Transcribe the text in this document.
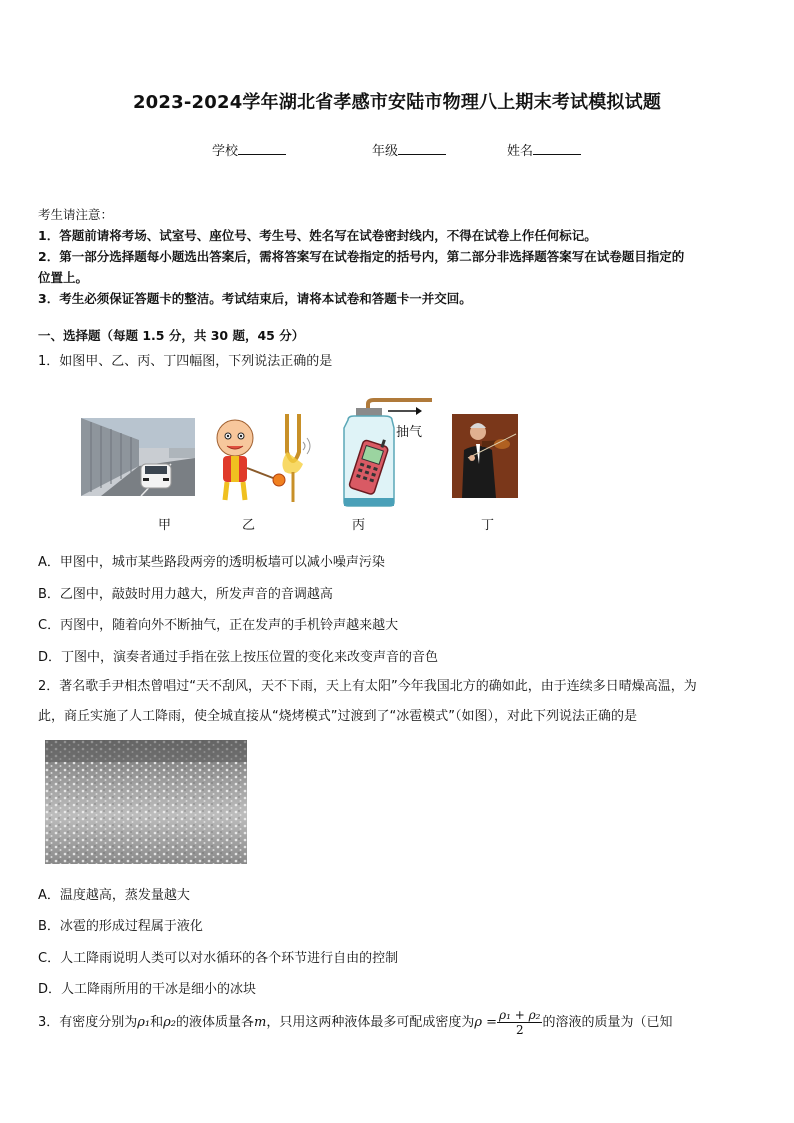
2023-2024学年湖北省孝感市安陆市物理八上期末考试模拟试题
学校	年级	姓名
考生请注意：
1．答题前请将考场、试室号、座位号、考生号、姓名写在试卷密封线内，不得在试卷上作任何标记。
2．第一部分选择题每小题选出答案后，需将答案写在试卷指定的括号内，第二部分非选择题答案写在试卷题目指定的
位置上。
3．考生必须保证答题卡的整洁。考试结束后，请将本试卷和答题卡一并交回。
一、选择题（每题 1.5 分，共 30 题，45 分）
1．如图甲、乙、丙、丁四幅图，下列说法正确的是
抽气
甲	乙	丙	丁
A．甲图中，城市某些路段两旁的透明板墙可以减小噪声污染
B．乙图中，敲鼓时用力越大，所发声音的音调越高
C．丙图中，随着向外不断抽气，正在发声的手机铃声越来越大
D．丁图中，演奏者通过手指在弦上按压位置的变化来改变声音的音色
2．著名歌手尹相杰曾唱过“天不刮风，天不下雨，天上有太阳”今年我国北方的确如此，由于连续多日晴燥高温，为
此，商丘实施了人工降雨，使全城直接从“烧烤模式”过渡到了“冰雹模式”（如图），对此下列说法正确的是
A．温度越高，蒸发量越大
B．冰雹的形成过程属于液化
C．人工降雨说明人类可以对水循环的各个环节进行自由的控制
D．人工降雨所用的干冰是细小的冰块
3．有密度分别为ρ₁和ρ₂的液体质量各m，只用这两种液体最多可配成密度为$\rho = \frac{\text{ρ₁ + ρ₂}}{2}$ 的溶液的质量为（已知
